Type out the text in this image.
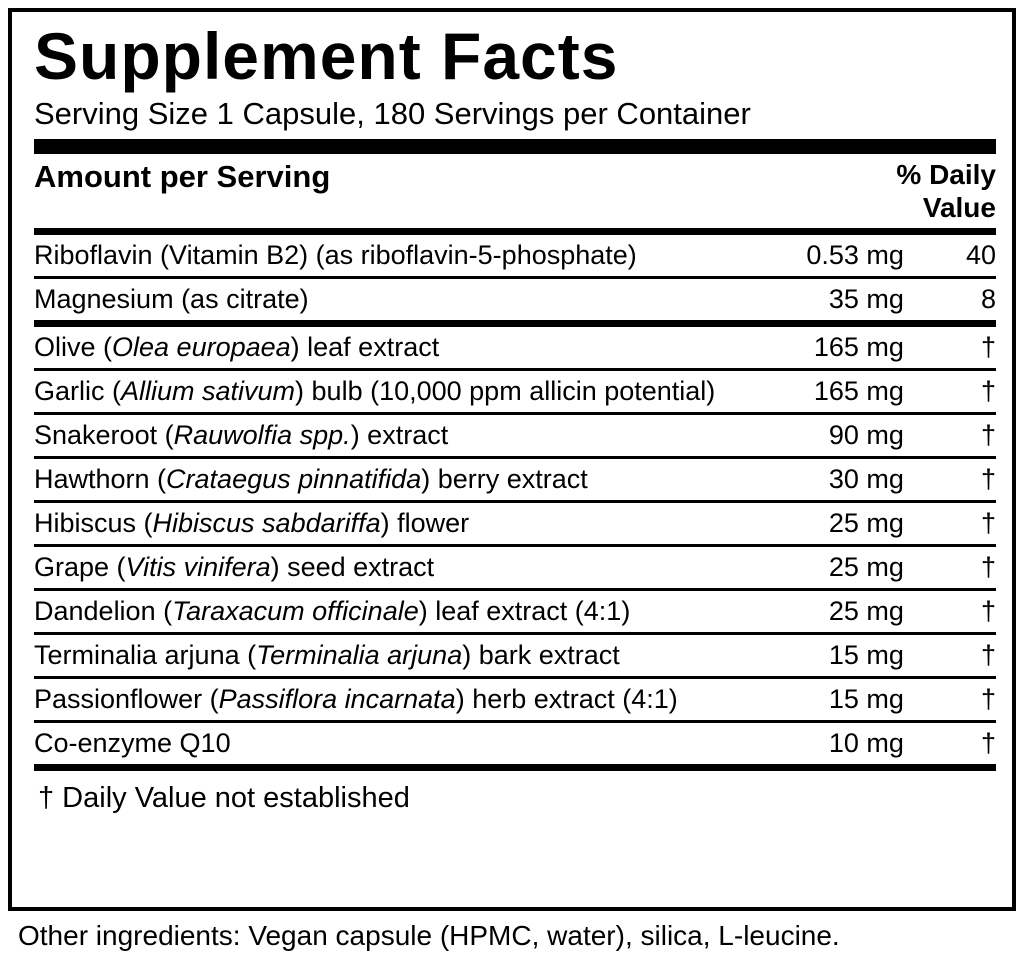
Supplement Facts
Serving Size 1 Capsule, 180 Servings per Container
Amount per Serving	% Daily
Value
Riboflavin (Vitamin B2) (as riboflavin-5-phosphate)	0.53 mg	40
Magnesium (as citrate)	35 mg	8
Olive (Olea europaea) leaf extract	165 mg	†
Garlic (Allium sativum) bulb (10,000 ppm allicin potential)	165 mg	†
Snakeroot (Rauwolfia spp.) extract	90 mg	†
Hawthorn (Crataegus pinnatifida) berry extract	30 mg	†
Hibiscus (Hibiscus sabdariffa) flower	25 mg	†
Grape (Vitis vinifera) seed extract	25 mg	†
Dandelion (Taraxacum officinale) leaf extract (4:1)	25 mg	†
Terminalia arjuna (Terminalia arjuna) bark extract	15 mg	†
Passionflower (Passiflora incarnata) herb extract (4:1)	15 mg	†
Co-enzyme Q10	10 mg	†
† Daily Value not established
Other ingredients: Vegan capsule (HPMC, water), silica, L-leucine.
